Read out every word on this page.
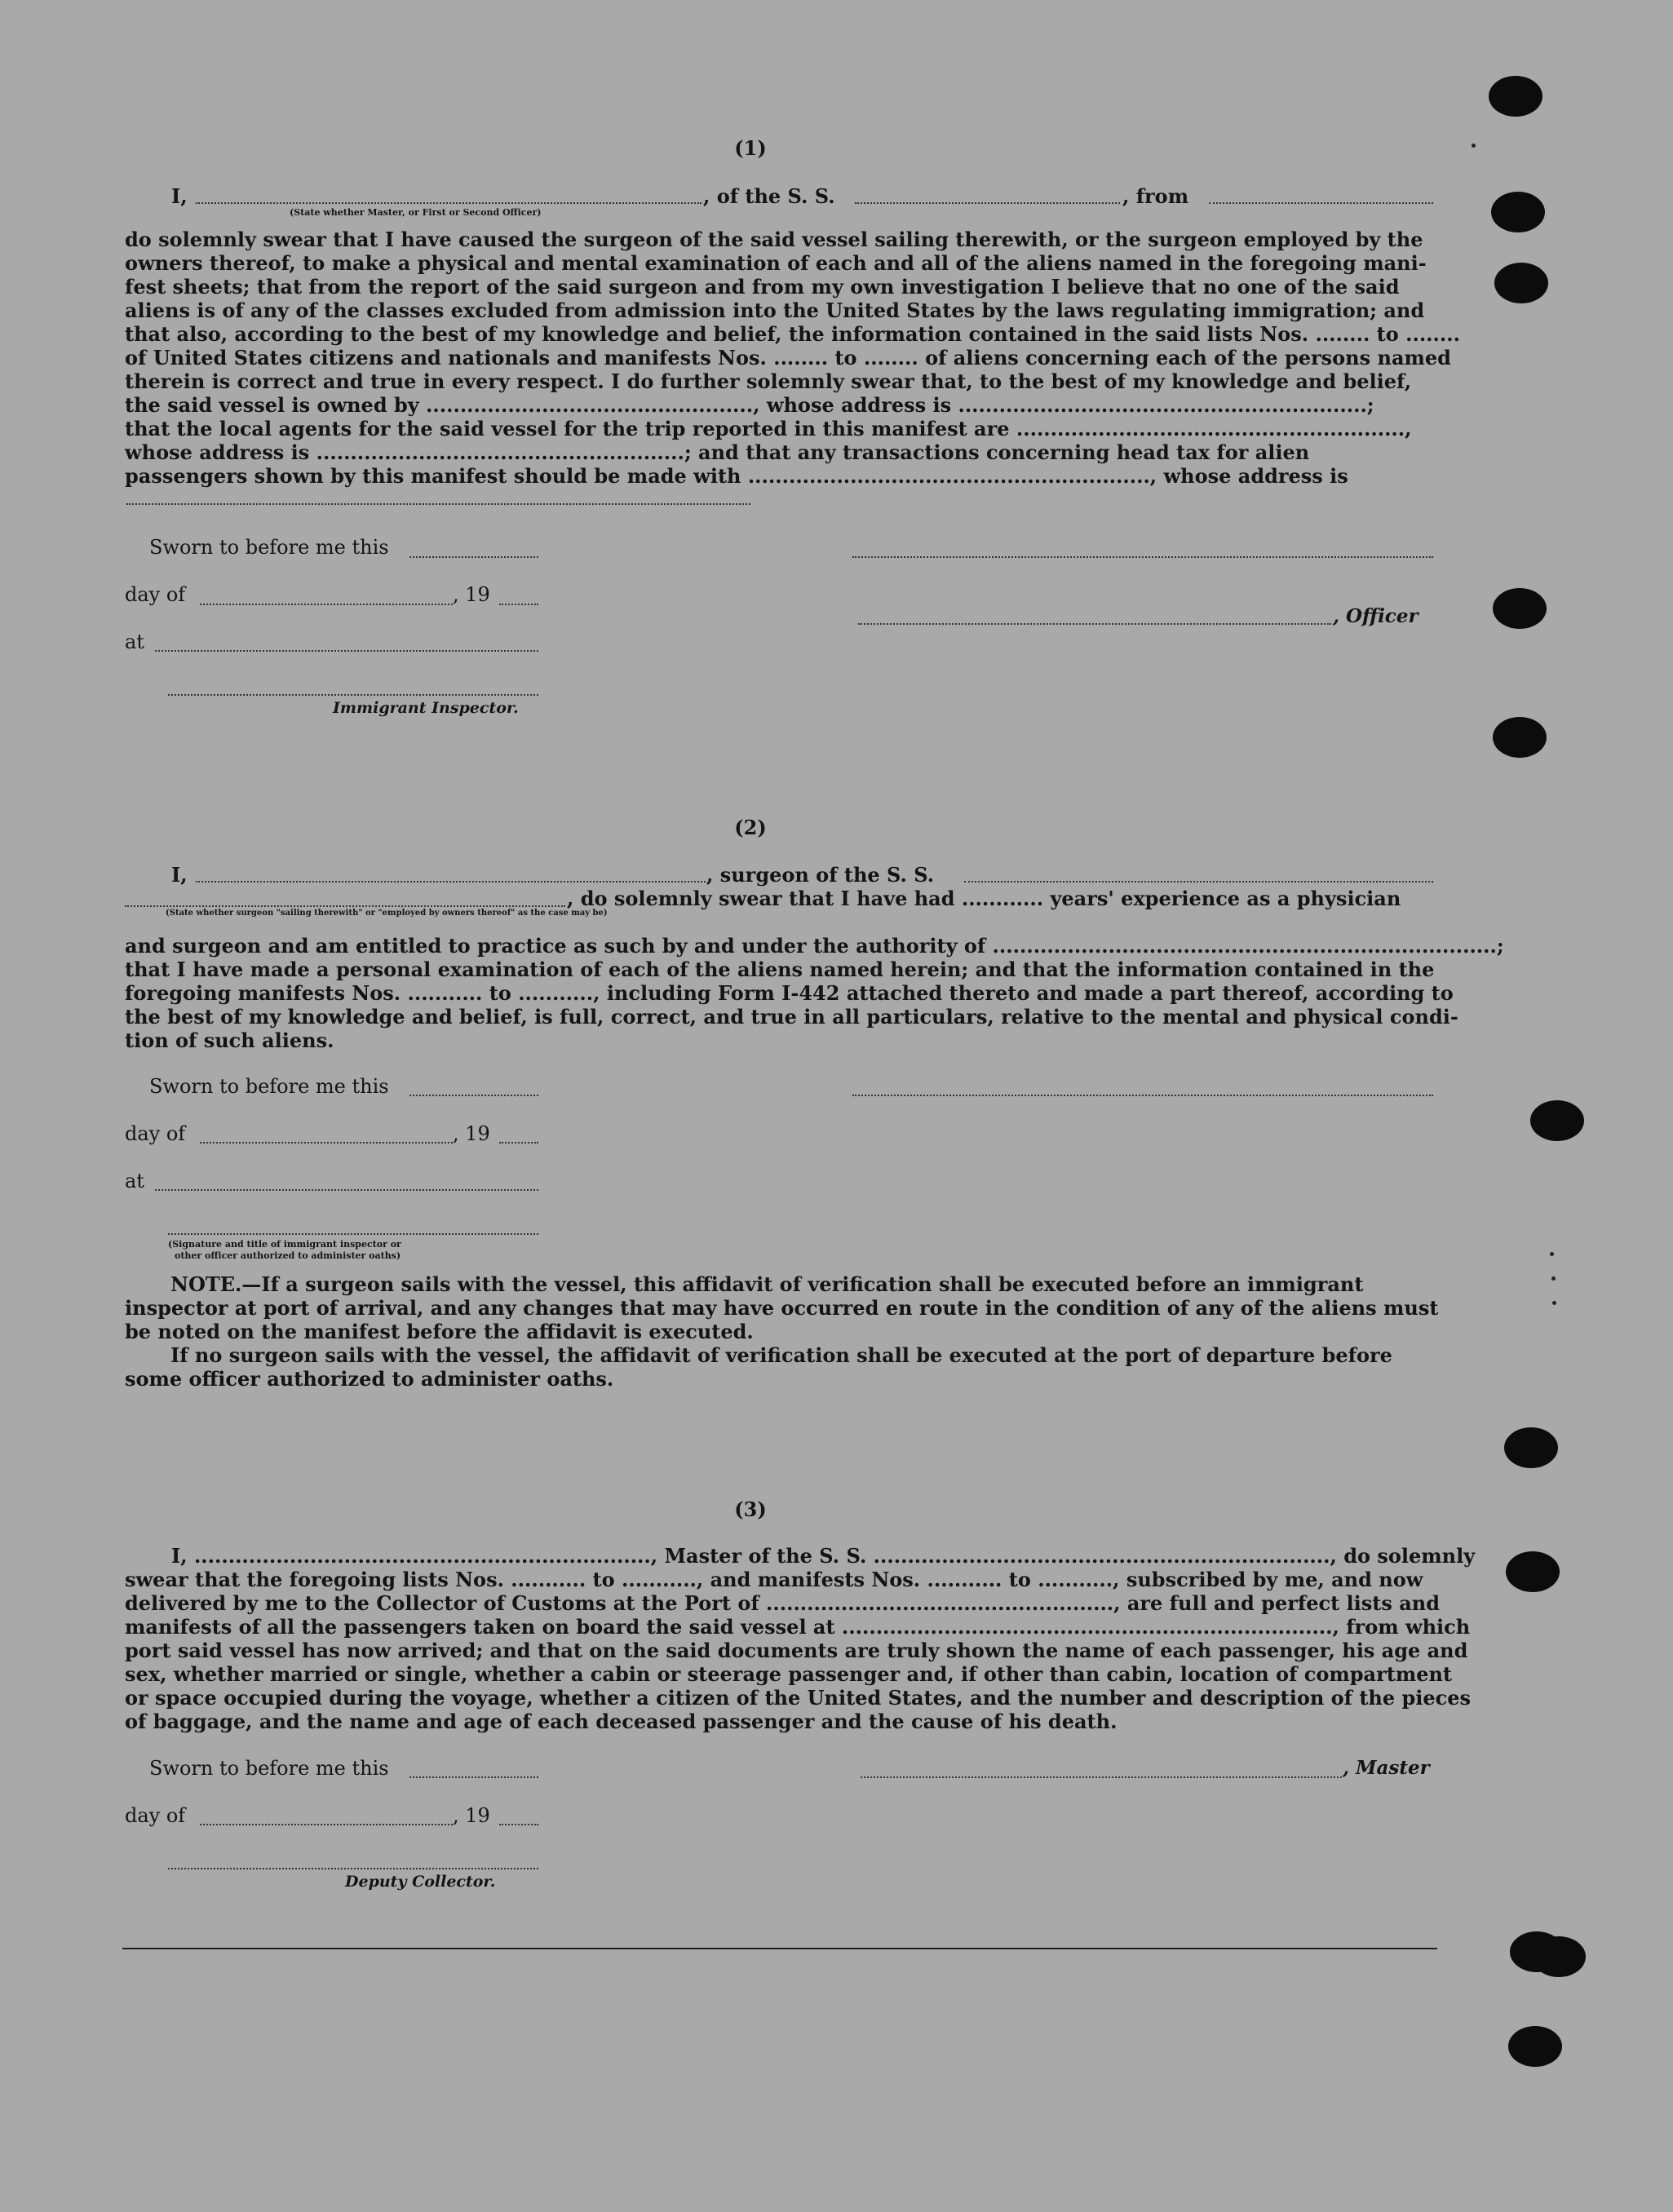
(1)
I,	, of the S. S.	, from
(State whether Master, or First or Second Officer)
do solemnly swear that I have caused the surgeon of the said vessel sailing therewith, or the surgeon employed by the
owners thereof, to make a physical and mental examination of each and all of the aliens named in the foregoing mani-
fest sheets; that from the report of the said surgeon and from my own investigation I believe that no one of the said
aliens is of any of the classes excluded from admission into the United States by the laws regulating immigration; and
that also, according to the best of my knowledge and belief, the information contained in the said lists Nos. ........ to ........
of United States citizens and nationals and manifests Nos. ........ to ........ of aliens concerning each of the persons named
therein is correct and true in every respect. I do further solemnly swear that, to the best of my knowledge and belief,
the said vessel is owned by ................................................, whose address is ............................................................;
that the local agents for the said vessel for the trip reported in this manifest are .........................................................,
whose address is ......................................................; and that any transactions concerning head tax for alien
passengers shown by this manifest should be made with ..........................................................., whose address is
Sworn to before me this
day of	, 19
, Officer
at
Immigrant Inspector.
(2)
I,	, surgeon of the S. S.
, do solemnly swear that I have had ............ years' experience as a physician
(State whether surgeon "sailing therewith" or "employed by owners thereof" as the case may be)
and surgeon and am entitled to practice as such by and under the authority of ..........................................................................;
that I have made a personal examination of each of the aliens named herein; and that the information contained in the
foregoing manifests Nos. ........... to ..........., including Form I-442 attached thereto and made a part thereof, according to
the best of my knowledge and belief, is full, correct, and true in all particulars, relative to the mental and physical condi-
tion of such aliens.
Sworn to before me this
day of	, 19
at
(Signature and title of immigrant inspector or
other officer authorized to administer oaths)
NOTE.—If a surgeon sails with the vessel, this affidavit of verification shall be executed before an immigrant
inspector at port of arrival, and any changes that may have occurred en route in the condition of any of the aliens must
be noted on the manifest before the affidavit is executed.
If no surgeon sails with the vessel, the affidavit of verification shall be executed at the port of departure before
some officer authorized to administer oaths.
(3)
I, ..................................................................., Master of the S. S. ..................................................................., do solemnly
swear that the foregoing lists Nos. ........... to ..........., and manifests Nos. ........... to ..........., subscribed by me, and now
delivered by me to the Collector of Customs at the Port of ..................................................., are full and perfect lists and
manifests of all the passengers taken on board the said vessel at ........................................................................, from which
port said vessel has now arrived; and that on the said documents are truly shown the name of each passenger, his age and
sex, whether married or single, whether a cabin or steerage passenger and, if other than cabin, location of compartment
or space occupied during the voyage, whether a citizen of the United States, and the number and description of the pieces
of baggage, and the name and age of each deceased passenger and the cause of his death.
Sworn to before me this	, Master
day of	, 19
Deputy Collector.
